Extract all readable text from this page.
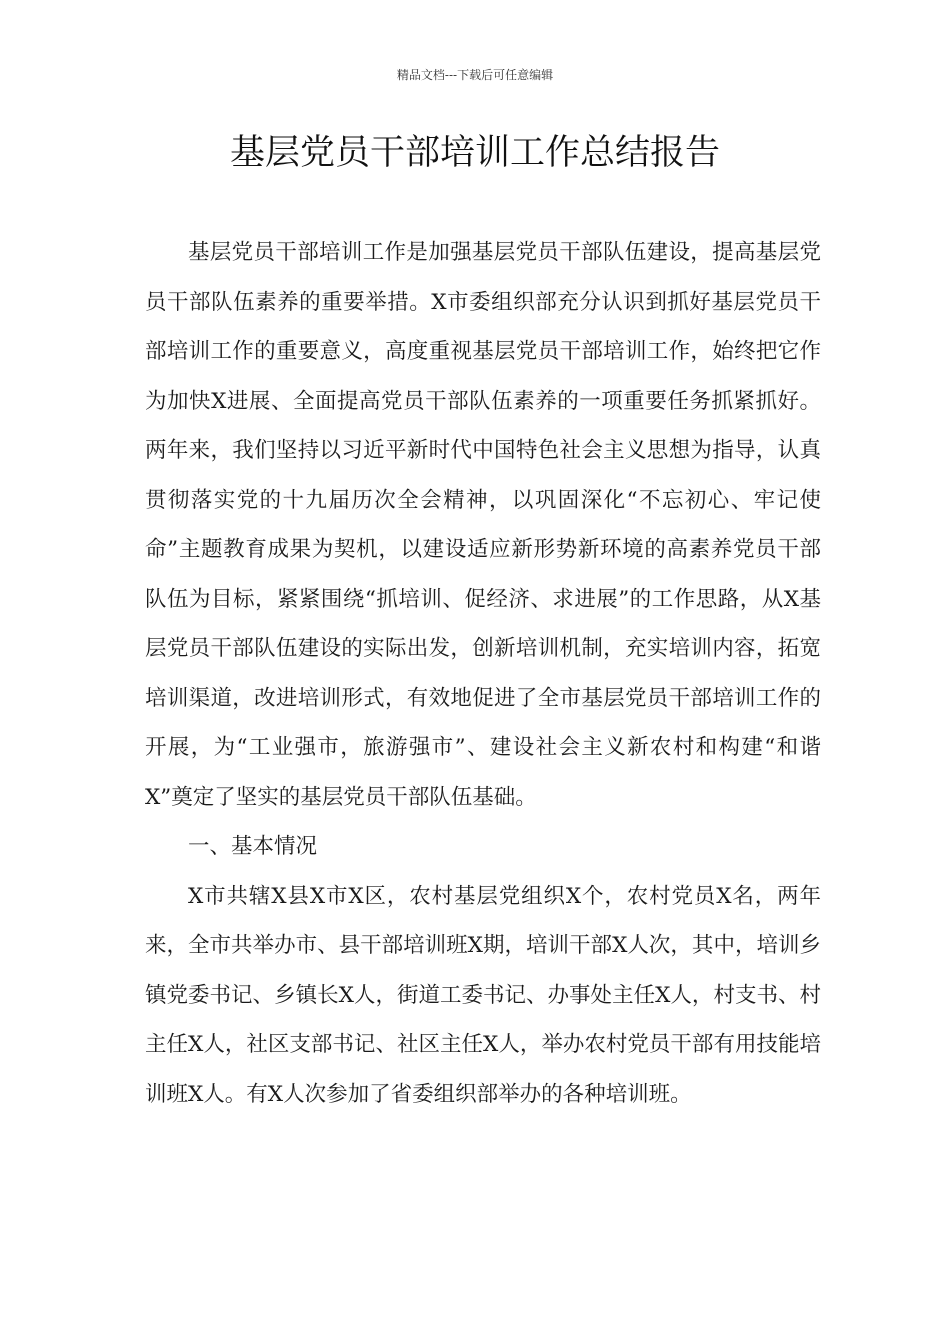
精品文档---下载后可任意编辑
基层党员干部培训工作总结报告

基层党员干部培训工作是加强基层党员干部队伍建设，提高基层党员干部队伍素养的重要举措。X市委组织部充分认识到抓好基层党员干部培训工作的重要意义，高度重视基层党员干部培训工作，始终把它作为加快X进展、全面提高党员干部队伍素养的一项重要任务抓紧抓好。两年来，我们坚持以习近平新时代中国特色社会主义思想为指导，认真贯彻落实党的十九届历次全会精神，以巩固深化“不忘初心、牢记使命”主题教育成果为契机，以建设适应新形势新环境的高素养党员干部队伍为目标，紧紧围绕“抓培训、促经济、求进展”的工作思路，从X基层党员干部队伍建设的实际出发，创新培训机制，充实培训内容，拓宽培训渠道，改进培训形式，有效地促进了全市基层党员干部培训工作的开展，为“工业强市，旅游强市”、建设社会主义新农村和构建“和谐X”奠定了坚实的基层党员干部队伍基础。

一、基本情况

X市共辖X县X市X区，农村基层党组织X个，农村党员X名，两年来，全市共举办市、县干部培训班X期，培训干部X人次，其中，培训乡镇党委书记、乡镇长X人，街道工委书记、办事处主任X人，村支书、村主任X人，社区支部书记、社区主任X人，举办农村党员干部有用技能培训班X人。有X人次参加了省委组织部举办的各种培训班。
